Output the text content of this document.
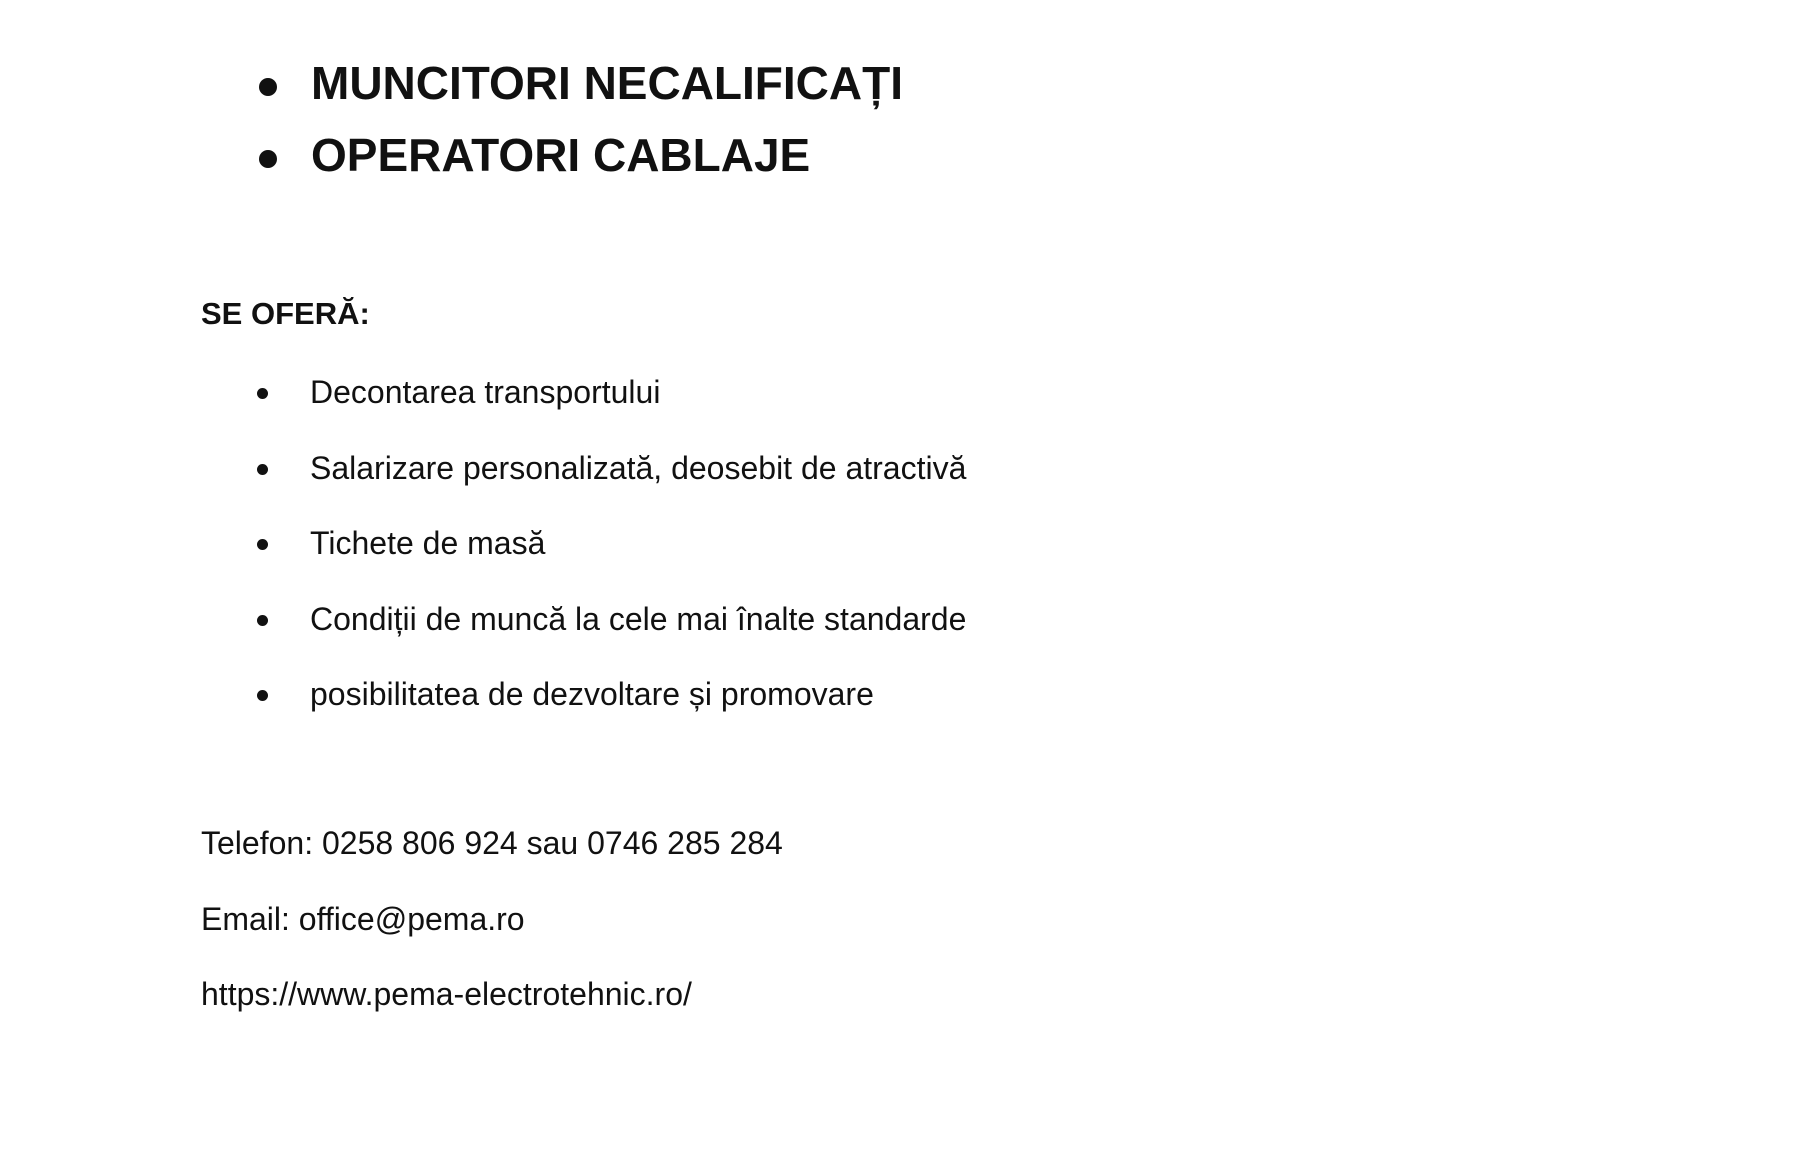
MUNCITORI NECALIFICAȚI
OPERATORI CABLAJE
SE OFERĂ:
Decontarea transportului
Salarizare personalizată, deosebit de atractivă
Tichete de masă
Condiții de muncă la cele mai înalte standarde
posibilitatea de dezvoltare și promovare
Telefon: 0258 806 924 sau 0746 285 284
Email: office@pema.ro
https://www.pema-electrotehnic.ro/
